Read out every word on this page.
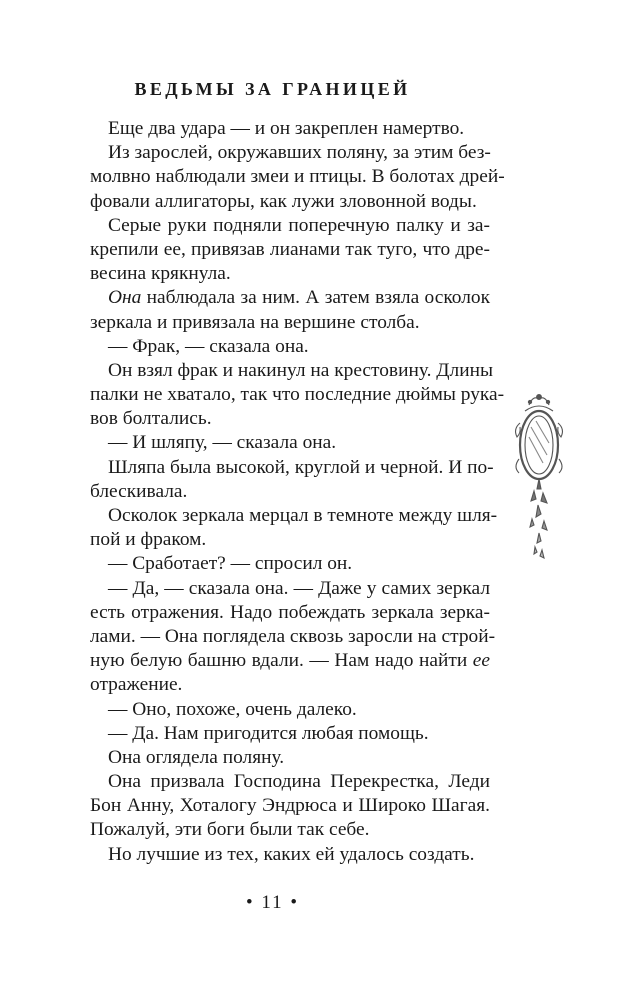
ВЕДЬМЫ ЗА ГРАНИЦЕЙ
Еще два удара — и он закреплен намертво.
Из зарослей, окружавших поляну, за этим без-
молвно наблюдали змеи и птицы. В болотах дрей-
фовали аллигаторы, как лужи зловонной воды.
Серые руки подняли поперечную палку и за-
крепили ее, привязав лианами так туго, что дре-
весина крякнула.
Она наблюдала за ним. А затем взяла осколок
зеркала и привязала на вершине столба.
— Фрак, — сказала она.
Он взял фрак и накинул на крестовину. Длины
палки не хватало, так что последние дюймы рука-
вов болтались.
— И шляпу, — сказала она.
Шляпа была высокой, круглой и черной. И по-
блескивала.
Осколок зеркала мерцал в темноте между шля-
пой и фраком.
— Сработает? — спросил он.
— Да, — сказала она. — Даже у самих зеркал
есть отражения. Надо побеждать зеркала зерка-
лами. — Она поглядела сквозь заросли на строй-
ную белую башню вдали. — Нам надо найти ее
отражение.
— Оно, похоже, очень далеко.
— Да. Нам пригодится любая помощь.
Она оглядела поляну.
Она призвала Господина Перекрестка, Леди
Бон Анну, Хоталогу Эндрюса и Широко Шагая.
Пожалуй, эти боги были так себе.
Но лучшие из тех, каких ей удалось создать.
• 11 •
